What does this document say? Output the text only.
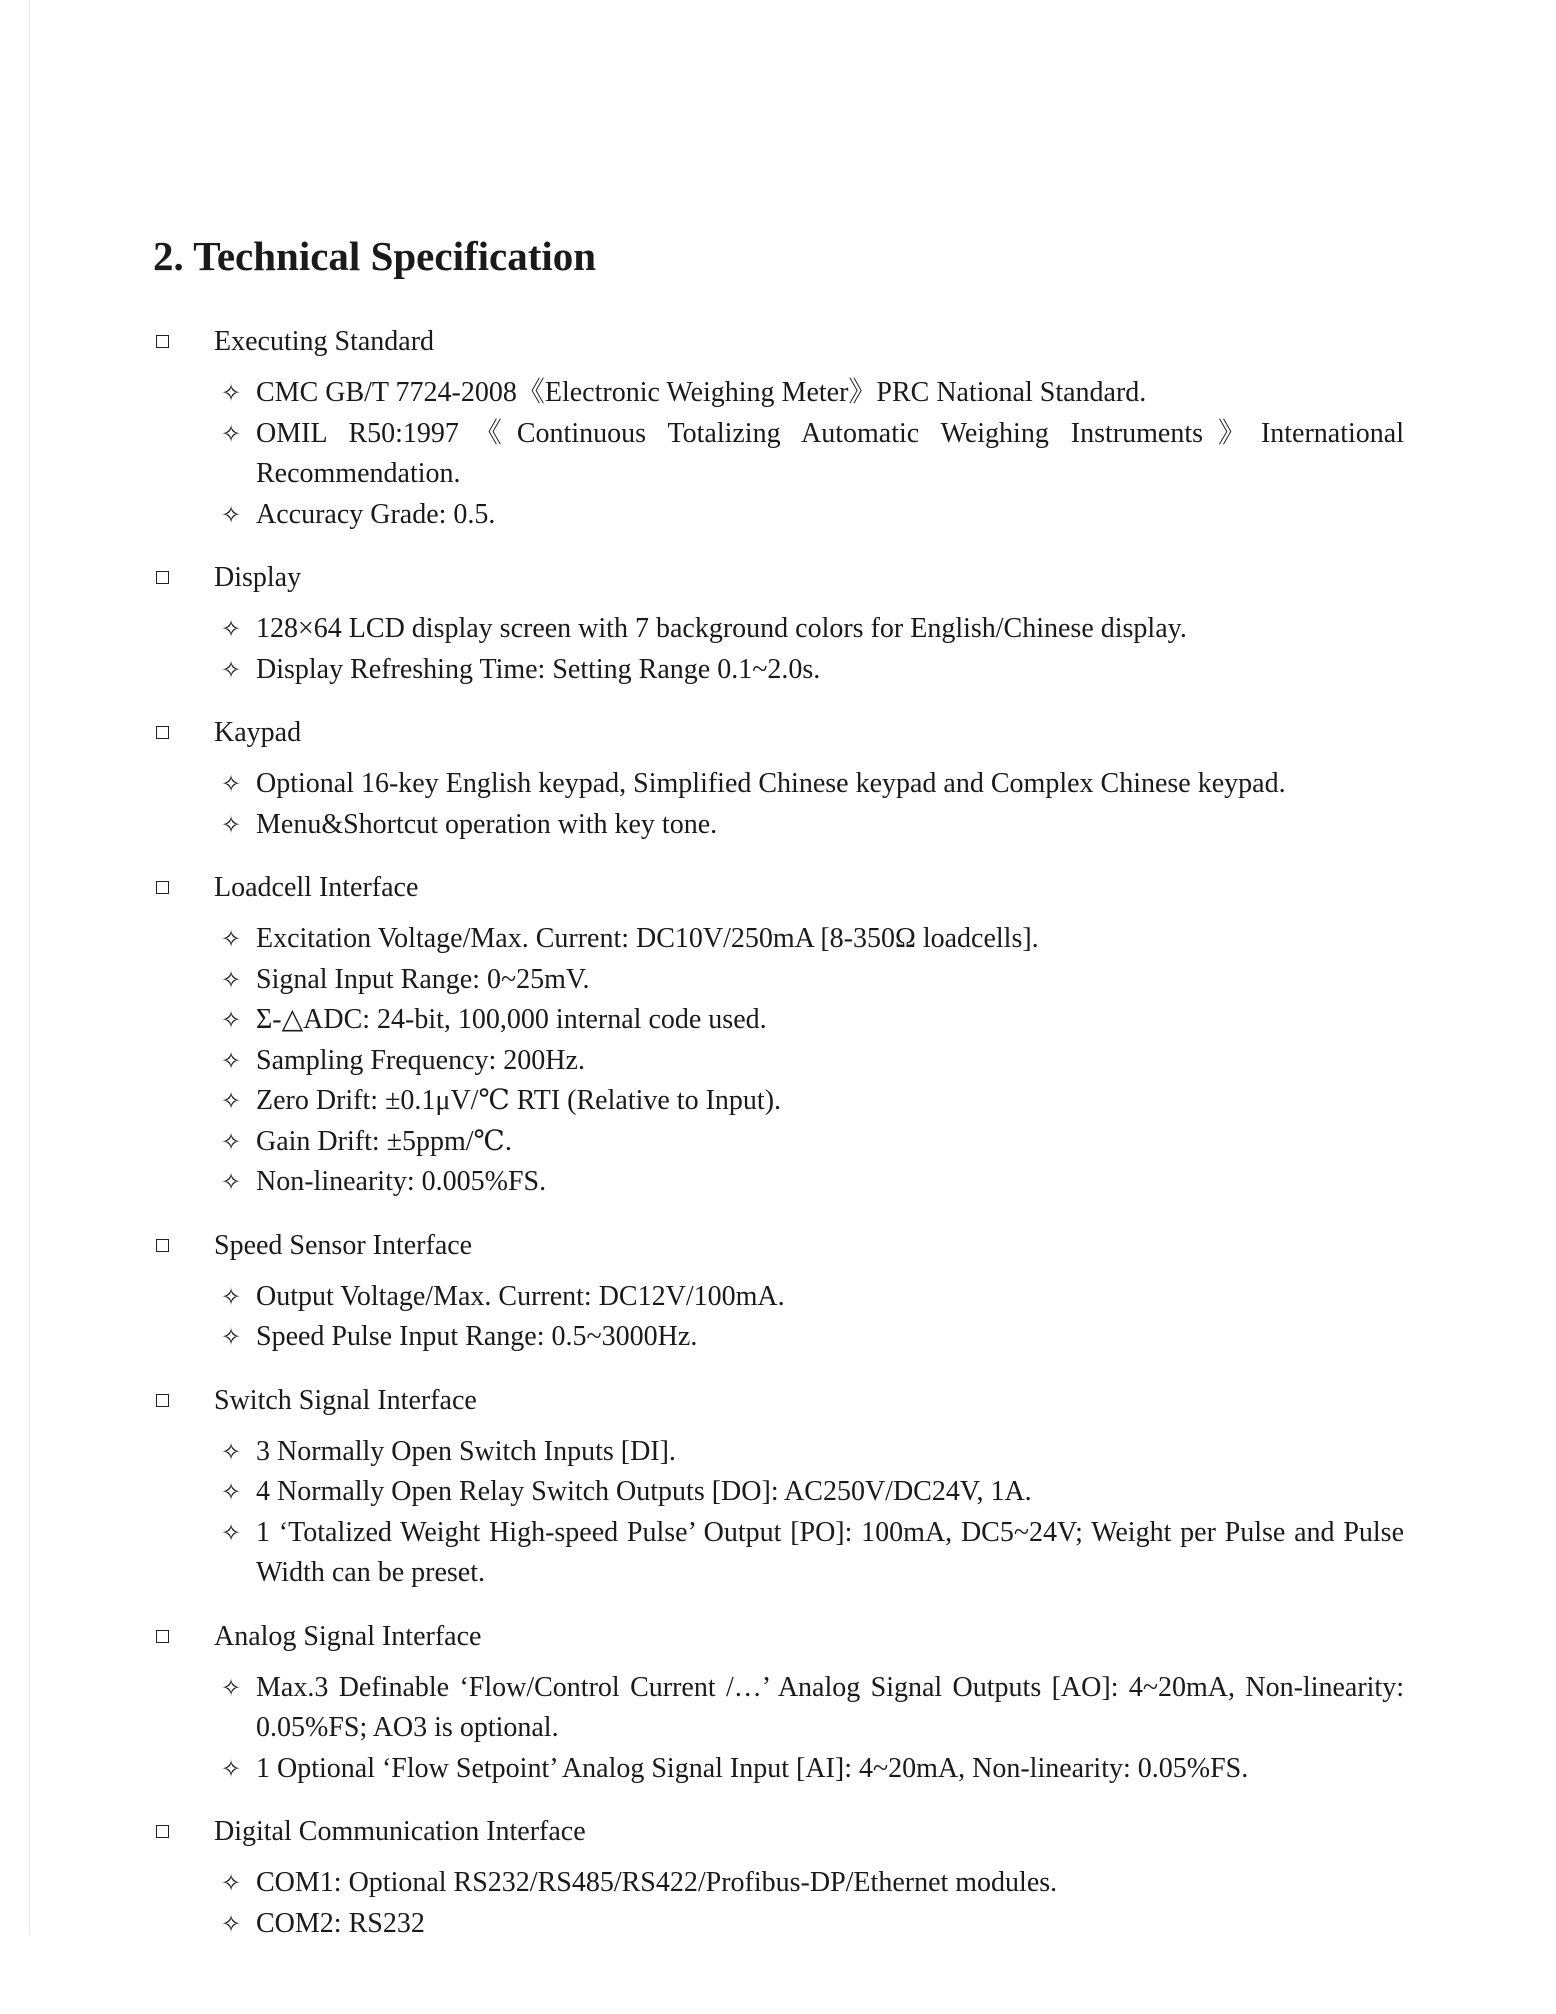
2. Technical Specification
Executing Standard
✧ CMC GB/T 7724-2008《Electronic Weighing Meter》PRC National Standard.
✧ OMIL R50:1997《Continuous Totalizing Automatic Weighing Instruments》International Recommendation.
✧ Accuracy Grade: 0.5.
Display
✧ 128×64 LCD display screen with 7 background colors for English/Chinese display.
✧ Display Refreshing Time: Setting Range 0.1~2.0s.
Kaypad
✧ Optional 16-key English keypad, Simplified Chinese keypad and Complex Chinese keypad.
✧ Menu&Shortcut operation with key tone.
Loadcell Interface
✧ Excitation Voltage/Max. Current: DC10V/250mA [8-350Ω loadcells].
✧ Signal Input Range: 0~25mV.
✧ Σ-△ADC: 24-bit, 100,000 internal code used.
✧ Sampling Frequency: 200Hz.
✧ Zero Drift: ±0.1μV/℃ RTI (Relative to Input).
✧ Gain Drift: ±5ppm/℃.
✧ Non-linearity: 0.005%FS.
Speed Sensor Interface
✧ Output Voltage/Max. Current: DC12V/100mA.
✧ Speed Pulse Input Range: 0.5~3000Hz.
Switch Signal Interface
✧ 3 Normally Open Switch Inputs [DI].
✧ 4 Normally Open Relay Switch Outputs [DO]: AC250V/DC24V, 1A.
✧ 1 ‘Totalized Weight High-speed Pulse’ Output [PO]: 100mA, DC5~24V; Weight per Pulse and Pulse Width can be preset.
Analog Signal Interface
✧ Max.3 Definable ‘Flow/Control Current /…’ Analog Signal Outputs [AO]: 4~20mA, Non-linearity: 0.05%FS; AO3 is optional.
✧ 1 Optional ‘Flow Setpoint’ Analog Signal Input [AI]: 4~20mA, Non-linearity: 0.05%FS.
Digital Communication Interface
✧ COM1: Optional RS232/RS485/RS422/Profibus-DP/Ethernet modules.
✧ COM2: RS232
